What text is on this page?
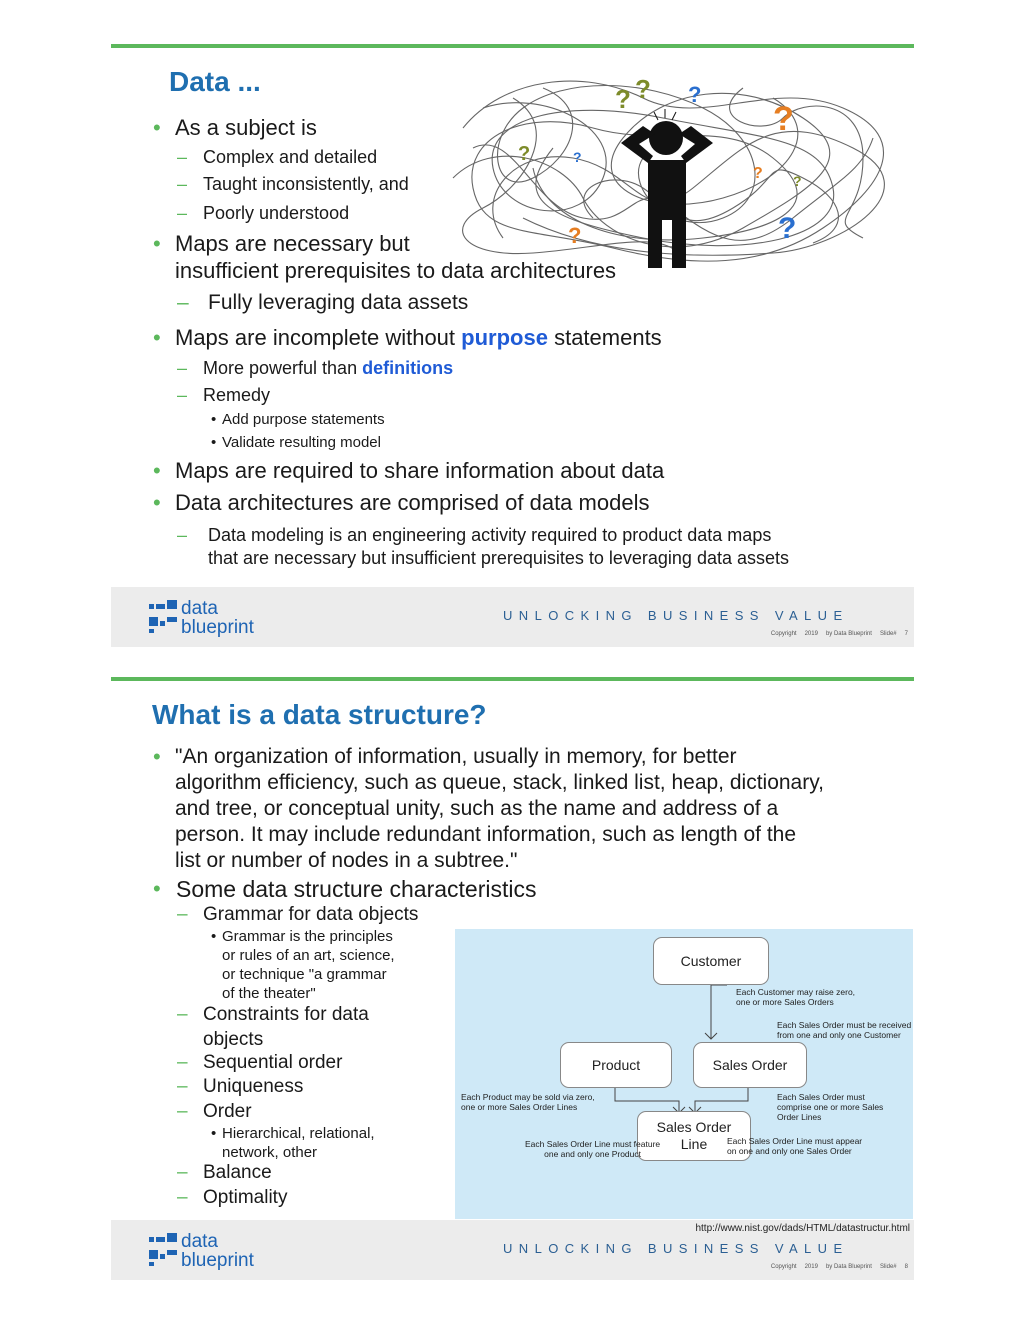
Data ...
? ? ?
?
?	?
?	?
?
?
• As a subject is
– Complex and detailed
– Taught inconsistently, and
– Poorly understood
• Maps are necessary but
insufficient prerequisites to data architectures
– Fully leveraging data assets
• Maps are incomplete without purpose statements
– More powerful than definitions
– Remedy
• Add purpose statements
• Validate resulting model
• Maps are required to share information about data
• Data architectures are comprised of data models
– Data modeling is an engineering activity required to product data maps
that are necessary but insufficient prerequisites to leveraging data assets
data
blueprint
UNLOCKING BUSINESS VALUE
Copyright 2019 by Data Blueprint Slide# 7
What is a data structure?
• "An organization of information, usually in memory, for better
algorithm efficiency, such as queue, stack, linked list, heap, dictionary,
and tree, or conceptual unity, such as the name and address of a
person. It may include redundant information, such as length of the
list or number of nodes in a subtree."
• Some data structure characteristics
– Grammar for data objects
• Grammar is the principles
or rules of an art, science,
or technique "a grammar
of the theater"
– Constraints for data
objects
– Sequential order
– Uniqueness
– Order
• Hierarchical, relational,
network, other
– Balance
– Optimality
Customer
Product	Sales Order
Sales Order
Line
Each Customer may raise zero,
one or more Sales Orders
Each Sales Order must be received
from one and only one Customer
Each Product may be sold via zero,
one or more Sales Order Lines
Each Sales Order must
comprise one or more Sales
Order Lines
Each Sales Order Line must feature
one and only one Product
Each Sales Order Line must appear
on one and only one Sales Order
http://www.nist.gov/dads/HTML/datastructur.html
data
blueprint
UNLOCKING BUSINESS VALUE
Copyright 2019 by Data Blueprint Slide# 8
